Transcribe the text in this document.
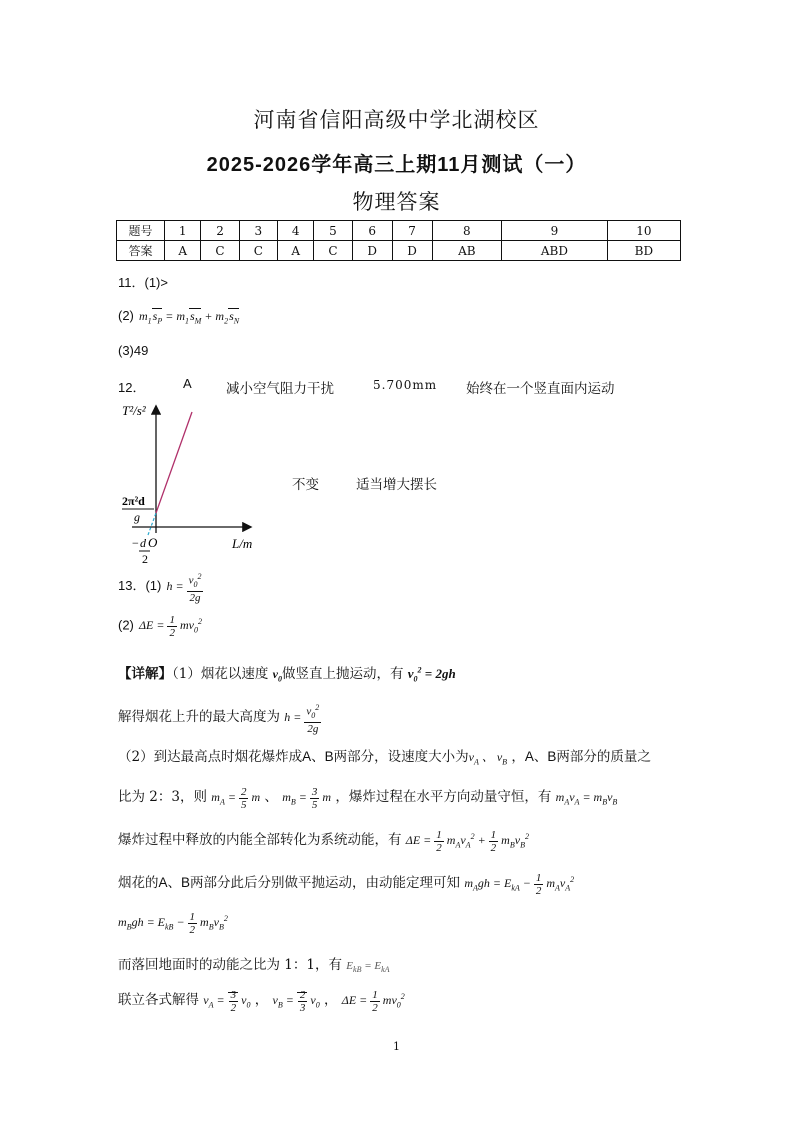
河南省信阳高级中学北湖校区
2025-2026学年高三上期11月测试（一）
物理答案
题号	1	2	3	4	5	6	7	8	9	10
答案	A	C	C	A	C	D	D	AB	ABD	BD
11．(1)>
(2) $m_1s_P = m_1s_M + m_2s_N$
(3)49
12．	A	减小空气阻力干扰	5.700mm 始终在一个竖直面内运动
不变	适当增大摆长
T²/s²
L/m
O
2π²d
g
− d
2
13．(1) $h = \frac{v_0^2}{2g}$
(2) $\Delta E = \frac{1}{2} mv_0^2$
【详解】（1）烟花以速度 $v_0$做竖直上抛运动，有 $v_0^2 = 2gh$
解得烟花上升的最大高度为 $h = \frac{v_0^2}{2g}$
（2）到达最高点时烟花爆炸成A、B两部分，设速度大小为$v_A$ 、 $v_B$ ，A、B两部分的质量之
比为 2：3，则 $m_A = \frac{2}{5}$ m 、 $m_B = \frac{3}{5}$ m ，爆炸过程在水平方向动量守恒，有 $m_Av_A = m_Bv_B$
爆炸过程中释放的内能全部转化为系统动能，有 $\Delta E = \frac{1}{2} m_Av_A^2 + \frac{1}{2} m_Bv_B^2$
烟花的A、B两部分此后分别做平抛运动，由动能定理可知 $m_Agh = E_{kA} - \frac{1}{2} m_Av_A^2$
$m_Bgh = E_{kB} - \frac{1}{2} m_Bv_B^2$
而落回地面时的动能之比为 1：1，有 $E_{kB} = E_{kA}$
联立各式解得 $v_A = \frac{3}{2} v_0$ ， $v_B = \frac{2}{3} v_0$ ， $\Delta E = \frac{1}{2} mv_0^2$
1
